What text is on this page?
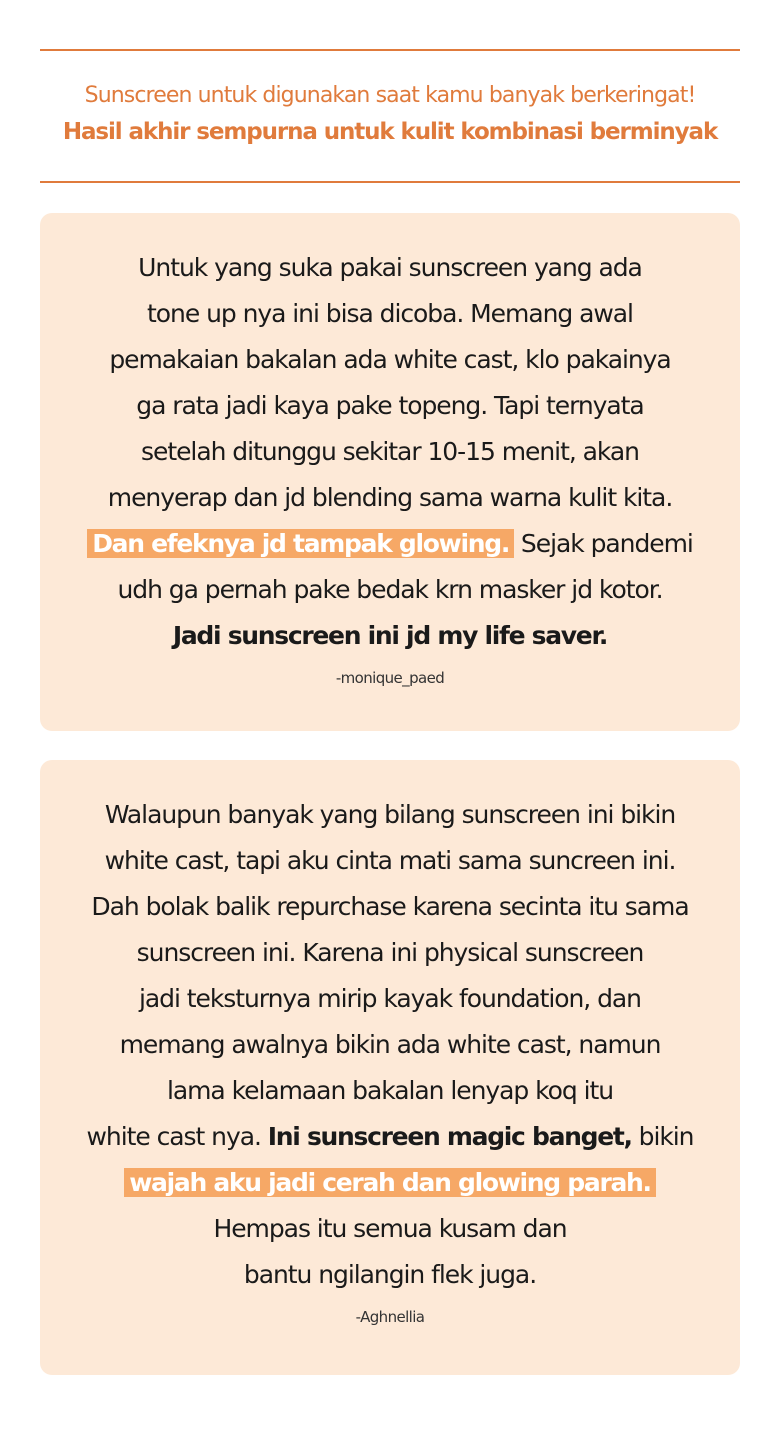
Sunscreen untuk digunakan saat kamu banyak berkeringat!
Hasil akhir sempurna untuk kulit kombinasi berminyak
Untuk yang suka pakai sunscreen yang ada
tone up nya ini bisa dicoba. Memang awal
pemakaian bakalan ada white cast, klo pakainya
ga rata jadi kaya pake topeng. Tapi ternyata
setelah ditunggu sekitar 10-15 menit, akan
menyerap dan jd blending sama warna kulit kita.
Dan efeknya jd tampak glowing. Sejak pandemi
udh ga pernah pake bedak krn masker jd kotor.
Jadi sunscreen ini jd my life saver.
-monique_paed
Walaupun banyak yang bilang sunscreen ini bikin
white cast, tapi aku cinta mati sama suncreen ini.
Dah bolak balik repurchase karena secinta itu sama
sunscreen ini. Karena ini physical sunscreen
jadi teksturnya mirip kayak foundation, dan
memang awalnya bikin ada white cast, namun
lama kelamaan bakalan lenyap koq itu
white cast nya. Ini sunscreen magic banget, bikin
wajah aku jadi cerah dan glowing parah.
Hempas itu semua kusam dan
bantu ngilangin flek juga.
-Aghnellia
